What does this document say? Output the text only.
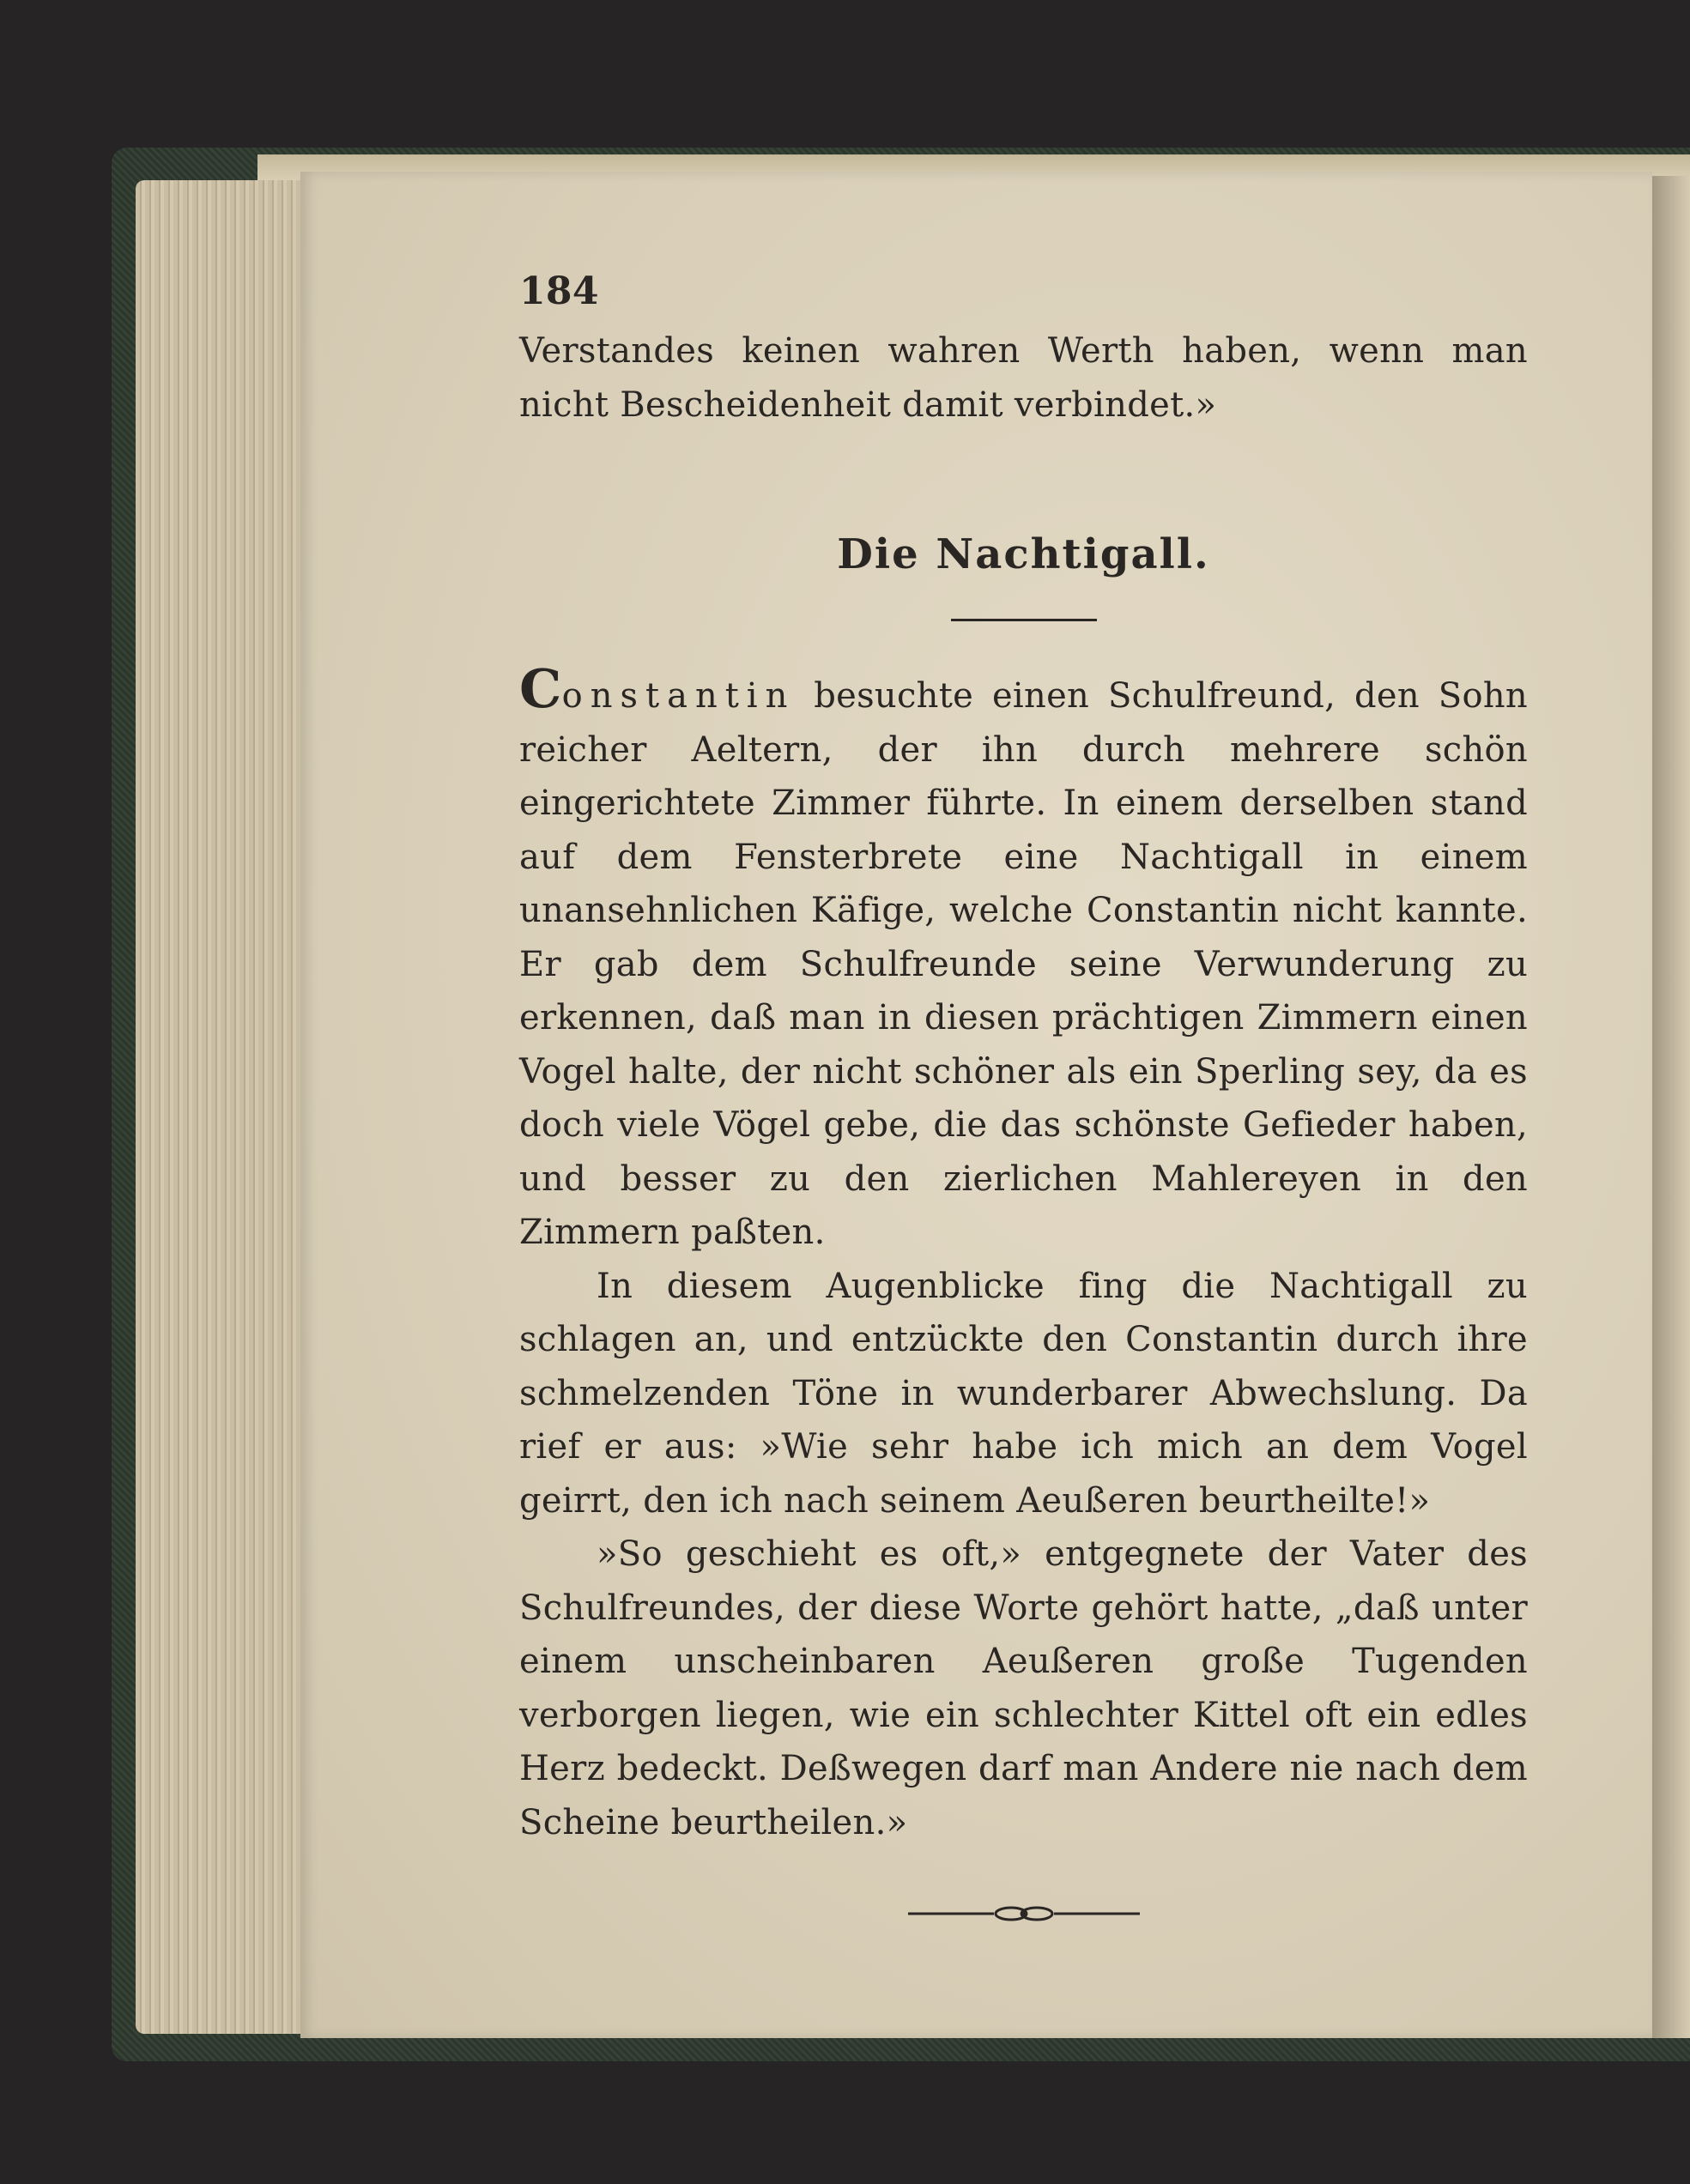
184

Verstandes keinen wahren Werth haben, wenn man nicht Bescheidenheit damit verbindet.»

Die Nachtigall.

Constantin besuchte einen Schulfreund, den Sohn reicher Aeltern, der ihn durch mehrere schön eingerichtete Zimmer führte. In einem derselben stand auf dem Fensterbrete eine Nachtigall in einem unansehnlichen Käfige, welche Constantin nicht kannte. Er gab dem Schulfreunde seine Verwunderung zu erkennen, daß man in diesen prächtigen Zimmern einen Vogel halte, der nicht schöner als ein Sperling sey, da es doch viele Vögel gebe, die das schönste Gefieder haben, und besser zu den zierlichen Mahlereyen in den Zimmern paßten.

In diesem Augenblicke fing die Nachtigall zu schlagen an, und entzückte den Constantin durch ihre schmelzenden Töne in wunderbarer Abwechslung. Da rief er aus: »Wie sehr habe ich mich an dem Vogel geirrt, den ich nach seinem Aeußeren beurtheilte!»

»So geschieht es oft,» entgegnete der Vater des Schulfreundes, der diese Worte gehört hatte, „daß unter einem unscheinbaren Aeußeren große Tugenden verborgen liegen, wie ein schlechter Kittel oft ein edles Herz bedeckt. Deßwegen darf man Andere nie nach dem Scheine beurtheilen.»
